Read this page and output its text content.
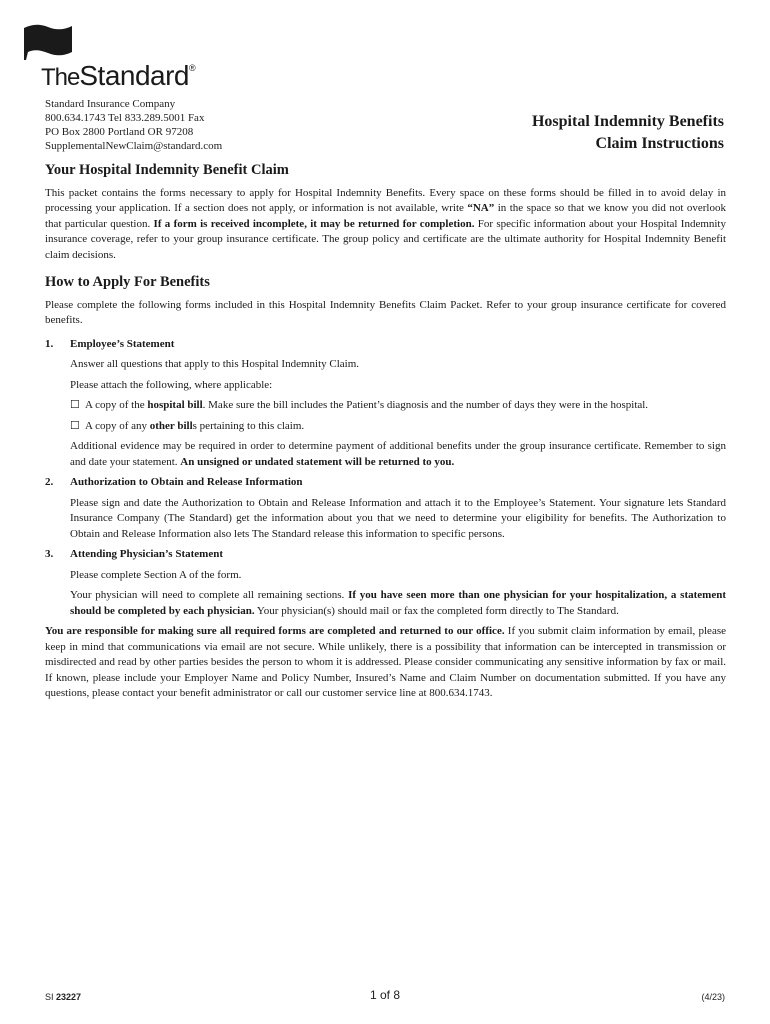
TheStandard®
Standard Insurance Company
800.634.1743 Tel 833.289.5001 Fax
PO Box 2800 Portland OR 97208
SupplementalNewClaim@standard.com
Hospital Indemnity Benefits
Claim Instructions
Your Hospital Indemnity Benefit Claim

This packet contains the forms necessary to apply for Hospital Indemnity Benefits. Every space on these forms should be filled in to avoid delay in processing your application. If a section does not apply, or information is not available, write “NA” in the space so that we know you did not overlook that particular question. If a form is received incomplete, it may be returned for completion. For specific information about your Hospital Indemnity insurance coverage, refer to your group insurance certificate. The group policy and certificate are the ultimate authority for Hospital Indemnity Benefit claim decisions.

How to Apply For Benefits

Please complete the following forms included in this Hospital Indemnity Benefits Claim Packet. Refer to your group insurance certificate for covered benefits.

1. Employee’s Statement

Answer all questions that apply to this Hospital Indemnity Claim.

Please attach the following, where applicable:

☐ A copy of the hospital bill. Make sure the bill includes the Patient’s diagnosis and the number of days they were in the hospital.

☐ A copy of any other bills pertaining to this claim.

Additional evidence may be required in order to determine payment of additional benefits under the group insurance certificate. Remember to sign and date your statement. An unsigned or undated statement will be returned to you.

2. Authorization to Obtain and Release Information

Please sign and date the Authorization to Obtain and Release Information and attach it to the Employee’s Statement. Your signature lets Standard Insurance Company (The Standard) get the information about you that we need to determine your eligibility for benefits. The Authorization to Obtain and Release Information also lets The Standard release this information to specific persons.

3. Attending Physician’s Statement

Please complete Section A of the form.

Your physician will need to complete all remaining sections. If you have seen more than one physician for your hospitalization, a statement should be completed by each physician. Your physician(s) should mail or fax the completed form directly to The Standard.

You are responsible for making sure all required forms are completed and returned to our office. If you submit claim information by email, please keep in mind that communications via email are not secure. While unlikely, there is a possibility that information can be intercepted in transmission or misdirected and read by other parties besides the person to whom it is addressed. Please consider communicating any sensitive information by fax or mail. If known, please include your Employer Name and Policy Number, Insured’s Name and Claim Number on documentation submitted. If you have any questions, please contact your benefit administrator or call our customer service line at 800.634.1743.

SI 23227	1 of 8	(4/23)
